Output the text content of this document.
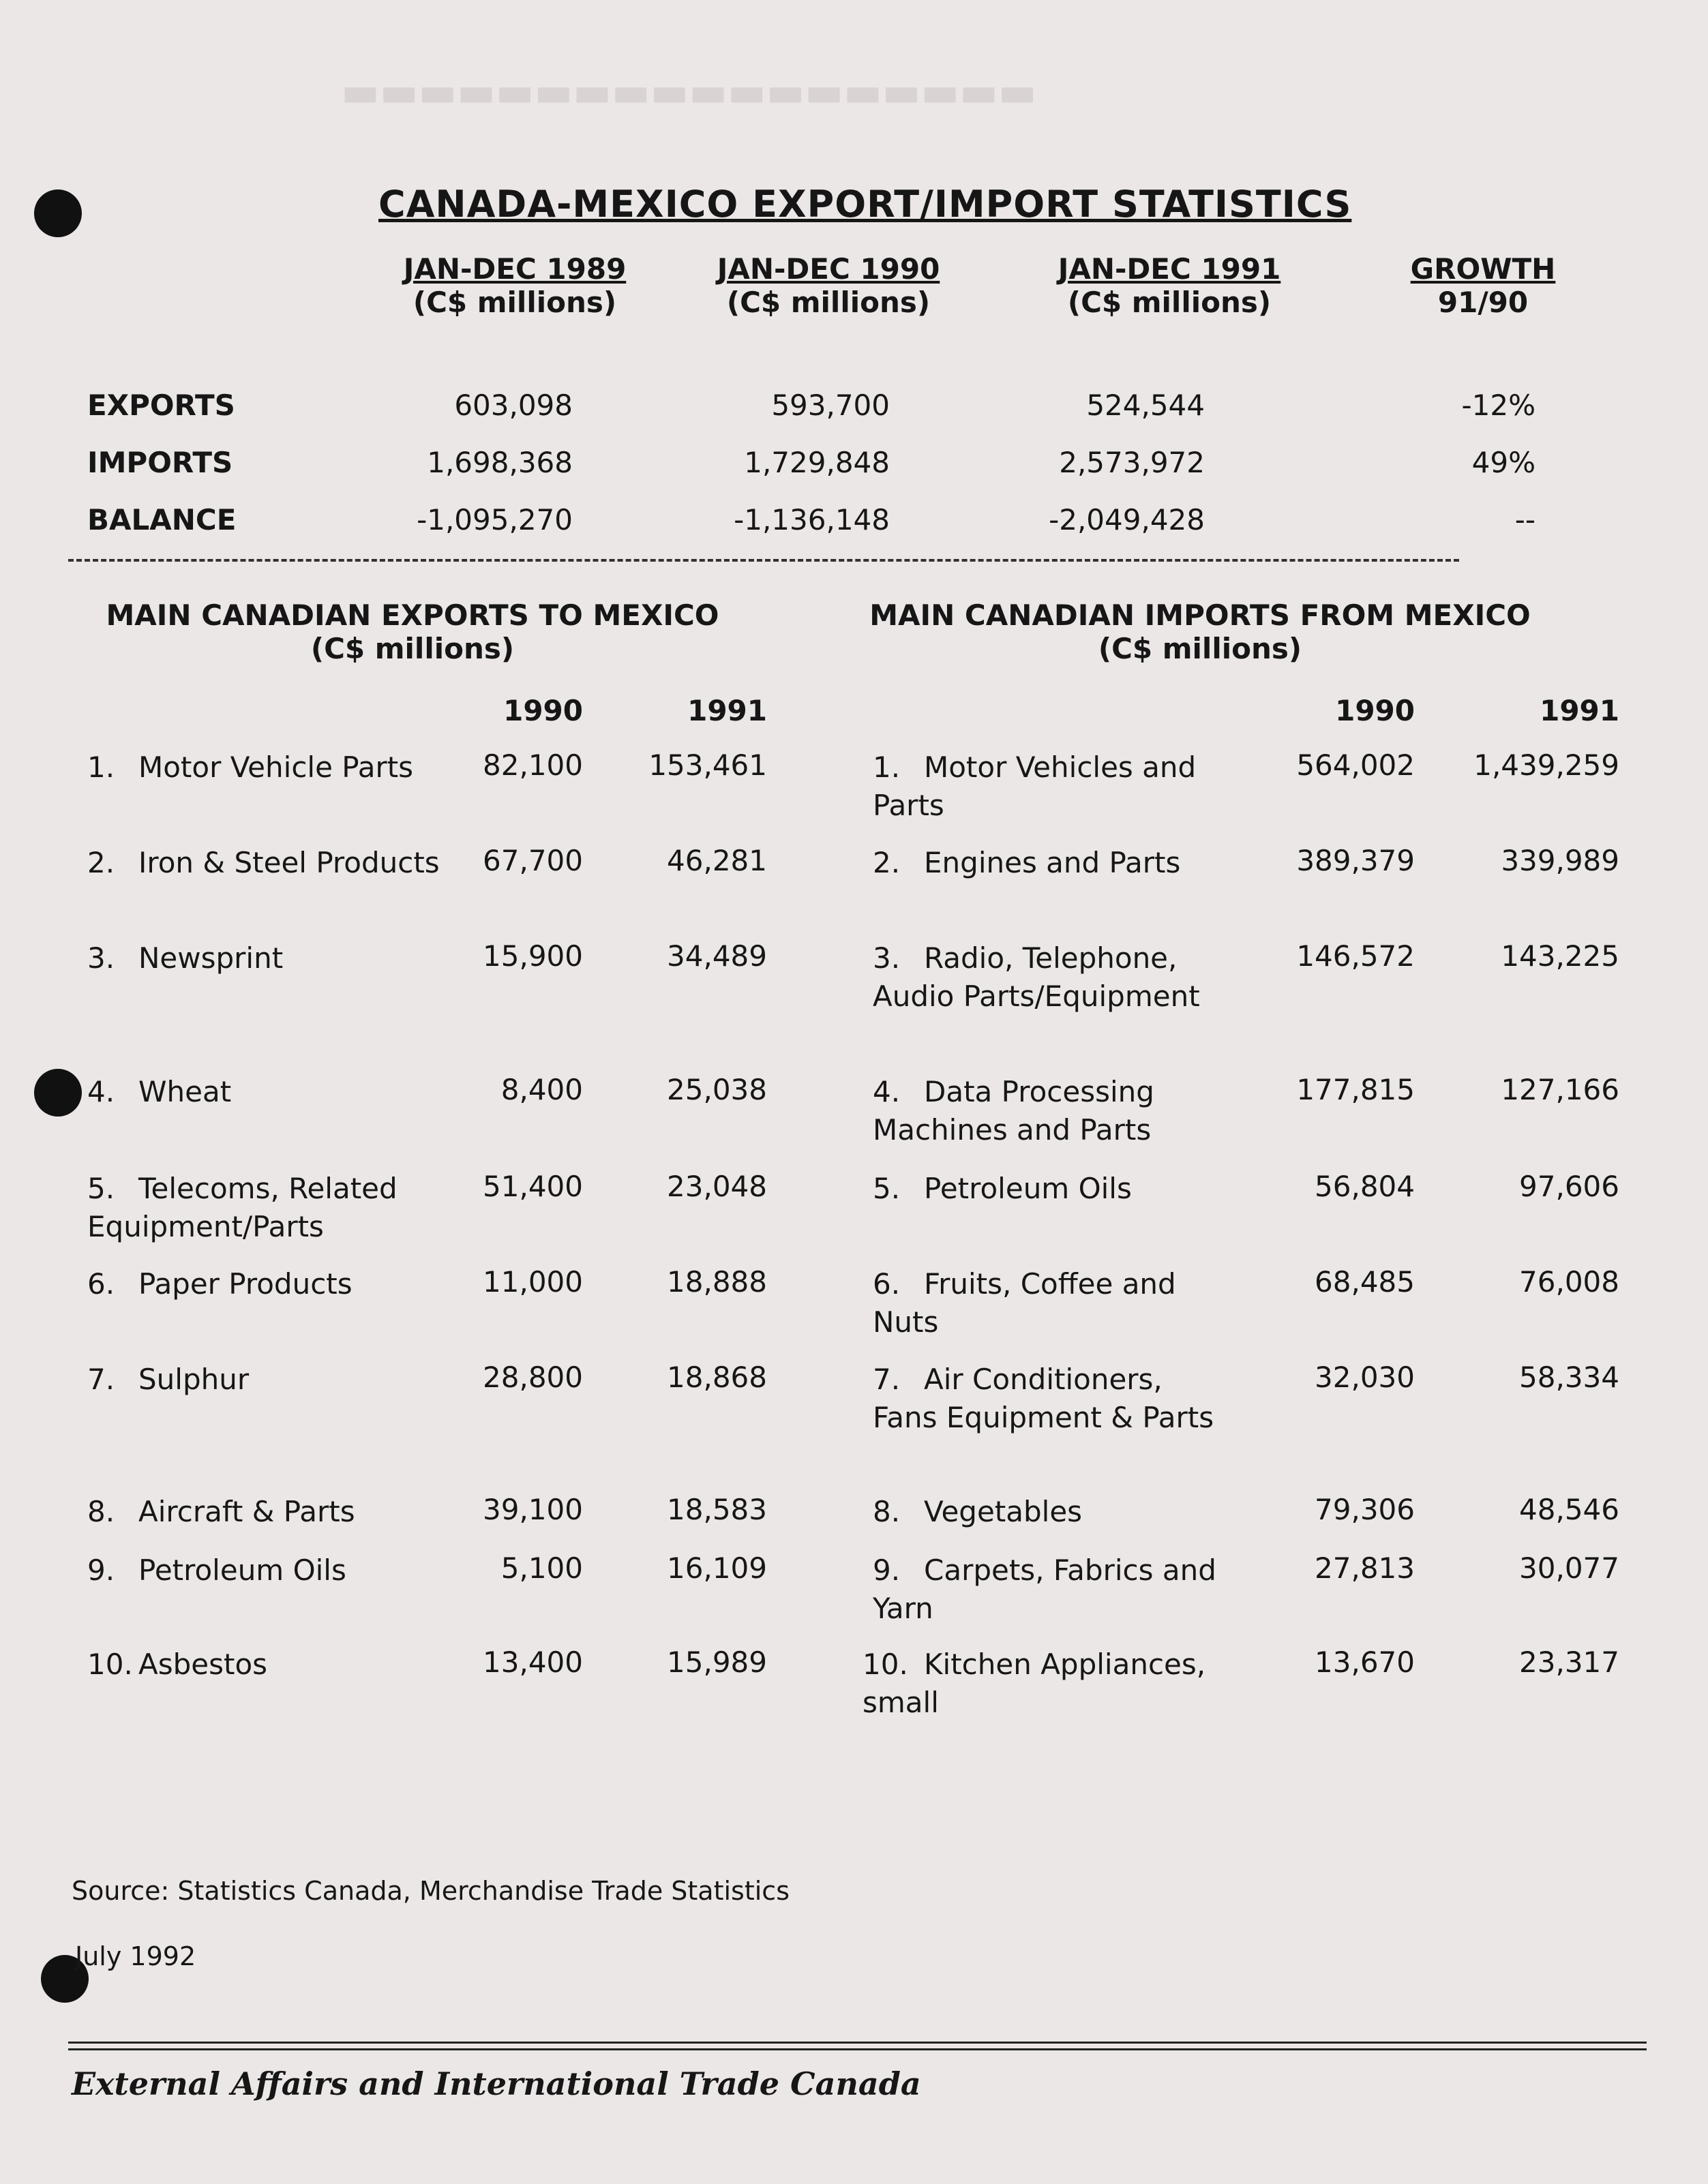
▬▬▬▬▬▬▬▬▬▬▬▬▬▬▬▬▬▬
CANADA-MEXICO EXPORT/IMPORT STATISTICS
JAN-DEC 1989
(C$ millions)
JAN-DEC 1990
(C$ millions)
JAN-DEC 1991
(C$ millions)
GROWTH
91/90
EXPORTS	603,098	593,700	524,544	-12%
IMPORTS	1,698,368	1,729,848	2,573,972	49%
BALANCE	-1,095,270	-1,136,148	-2,049,428	--
MAIN CANADIAN EXPORTS TO MEXICO
(C$ millions)
1990	1991
MAIN CANADIAN IMPORTS FROM MEXICO
(C$ millions)
1990	1991
1. Motor Vehicle Parts	82,100	153,461
2. Iron & Steel Products	67,700	46,281
3. Newsprint	15,900	34,489
4. Wheat	8,400	25,038
5. Telecoms, Related Equipment/Parts
51,400	23,048
6. Paper Products	11,000	18,888
7. Sulphur	28,800	18,868
8. Aircraft & Parts	39,100	18,583
9. Petroleum Oils	5,100	16,109
10. Asbestos	13,400	15,989
1. Motor Vehicles and Parts
564,002	1,439,259
2. Engines and Parts	389,379	339,989
3. Radio, Telephone, Audio Parts/Equipment
146,572	143,225
4. Data Processing Machines and Parts
177,815	127,166
5. Petroleum Oils	56,804	97,606
6. Fruits, Coffee and Nuts
68,485	76,008
7. Air Conditioners, Fans Equipment & Parts
32,030	58,334
8. Vegetables	79,306	48,546
9. Carpets, Fabrics and Yarn
27,813	30,077
10. Kitchen Appliances, small
13,670	23,317
Source: Statistics Canada, Merchandise Trade Statistics
July 1992
External Affairs and International Trade Canada
